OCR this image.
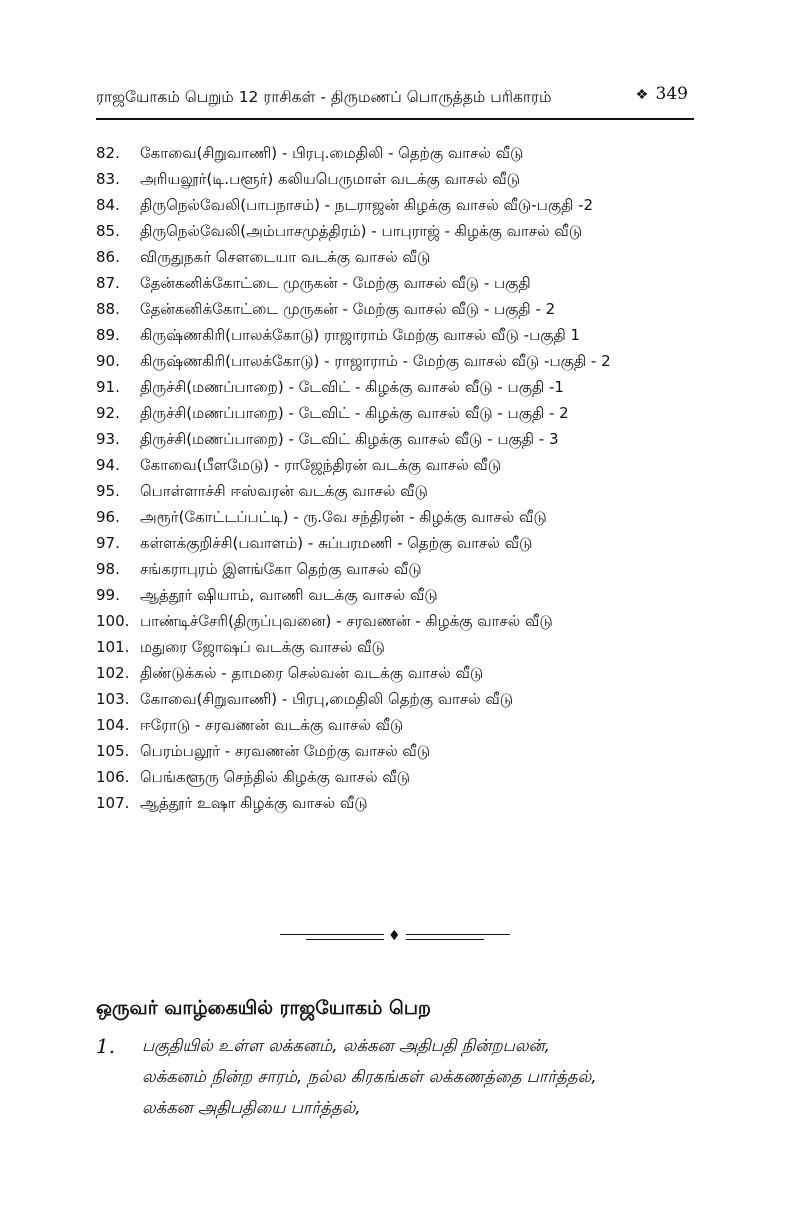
ராஜயோகம் பெறும் 12 ராசிகள் - திருமணப் பொருத்தம் பரிகாரம்	❖ 349
82.	கோவை(சிறுவாணி) - பிரபு.மைதிலி - தெற்கு வாசல் வீடு
83.	அரியலூர்(டி.பளூர்) கலியபெருமாள் வடக்கு வாசல் வீடு
84.	திருநெல்வேலி(பாபநாசம்) - நடராஜன் கிழக்கு வாசல் வீடு-பகுதி -2
85.	திருநெல்வேலி(அம்பாசமுத்திரம்) - பாபுராஜ் - கிழக்கு வாசல் வீடு
86.	விருதுநகர் சௌடையா வடக்கு வாசல் வீடு
87.	தேன்கனிக்கோட்டை முருகன் - மேற்கு வாசல் வீடு - பகுதி
88.	தேன்கனிக்கோட்டை முருகன் - மேற்கு வாசல் வீடு - பகுதி - 2
89.	கிருஷ்ணகிரி(பாலக்கோடு) ராஜாராம் மேற்கு வாசல் வீடு -பகுதி 1
90.	கிருஷ்ணகிரி(பாலக்கோடு) - ராஜாராம் - மேற்கு வாசல் வீடு -பகுதி - 2
91.	திருச்சி(மணப்பாறை) - டேவிட் - கிழக்கு வாசல் வீடு - பகுதி -1
92.	திருச்சி(மணப்பாறை) - டேவிட் - கிழக்கு வாசல் வீடு - பகுதி - 2
93.	திருச்சி(மணப்பாறை) - டேவிட் கிழக்கு வாசல் வீடு - பகுதி - 3
94.	கோவை(பீளமேடு) - ராஜேந்திரன் வடக்கு வாசல் வீடு
95.	பொள்ளாச்சி ஈஸ்வரன் வடக்கு வாசல் வீடு
96.	அரூர்(கோட்டப்பட்டி) - ரு.வே சந்திரன் - கிழக்கு வாசல் வீடு
97.	கள்ளக்குறிச்சி(பவாளம்) - சுப்பரமணி - தெற்கு வாசல் வீடு
98.	சங்கராபுரம் இளங்கோ தெற்கு வாசல் வீடு
99.	ஆத்தூர் ஷியாம், வாணி வடக்கு வாசல் வீடு
100. பாண்டிச்சேரி(திருப்புவனை) - சரவணன் - கிழக்கு வாசல் வீடு
101. மதுரை ஜோஷப் வடக்கு வாசல் வீடு
102. திண்டுக்கல் - தாமரை செல்வன் வடக்கு வாசல் வீடு
103. கோவை(சிறுவாணி) - பிரபு,மைதிலி தெற்கு வாசல் வீடு
104. ஈரோடு - சரவணன் வடக்கு வாசல் வீடு
105. பெரம்பலூர் - சரவணன் மேற்கு வாசல் வீடு
106. பெங்களூரு செந்தில் கிழக்கு வாசல் வீடு
107. ஆத்தூர் உஷா கிழக்கு வாசல் வீடு
♦
ஒருவர் வாழ்கையில் ராஜயோகம் பெற
1. பகுதியில் உள்ள லக்கனம், லக்கன அதிபதி நின்றபலன்,
லக்கனம் நின்ற சாரம், நல்ல கிரகங்கள் லக்கணத்தை பார்த்தல்,
லக்கன அதிபதியை பார்த்தல்,
